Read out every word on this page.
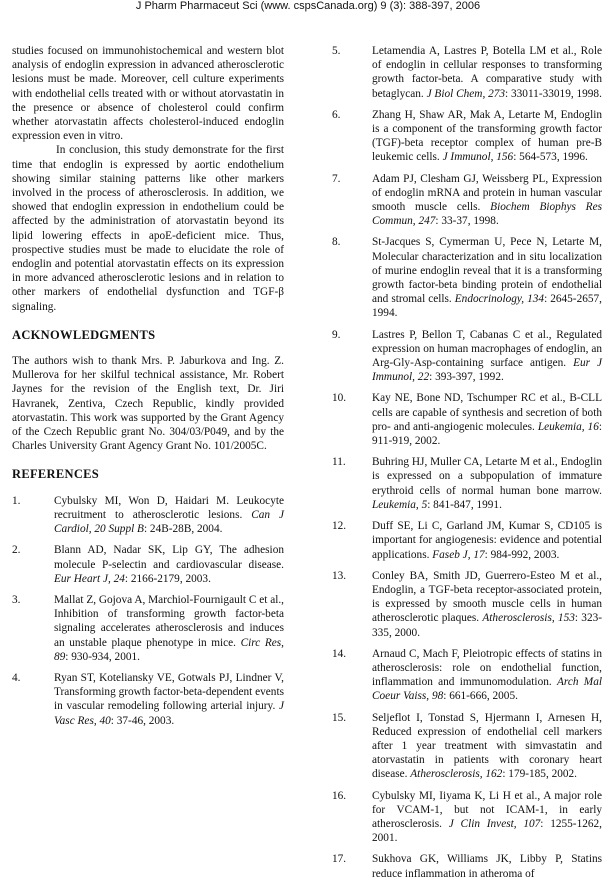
J Pharm Pharmaceut Sci (www. cspsCanada.org) 9 (3): 388-397, 2006

studies focused on immunohistochemical and western blot analysis of endoglin expression in advanced atherosclerotic lesions must be made. Moreover, cell culture experiments with endothelial cells treated with or without atorvastatin in the presence or absence of cholesterol could confirm whether atorvastatin affects cholesterol-induced endoglin expression even in vitro.

In conclusion, this study demonstrate for the first time that endoglin is expressed by aortic endothelium showing similar staining patterns like other markers involved in the process of atherosclerosis. In addition, we showed that endoglin expression in endothelium could be affected by the administration of atorvastatin beyond its lipid lowering effects in apoE-deficient mice. Thus, prospective studies must be made to elucidate the role of endoglin and potential atorvastatin effects on its expression in more advanced atherosclerotic lesions and in relation to other markers of endothelial dysfunction and TGF-β signaling.

ACKNOWLEDGMENTS

The authors wish to thank Mrs. P. Jaburkova and Ing. Z. Mullerova for her skilful technical assistance, Mr. Robert Jaynes for the revision of the English text, Dr. Jiri Havranek, Zentiva, Czech Republic, kindly provided atorvastatin. This work was supported by the Grant Agency of the Czech Republic grant No. 304/03/P049, and by the Charles University Grant Agency Grant No. 101/2005C.

REFERENCES
1.	Cybulsky MI, Won D, Haidari M. Leukocyte recruitment to atherosclerotic lesions. Can J Cardiol, 20 Suppl B: 24B-28B, 2004.
2.	Blann AD, Nadar SK, Lip GY, The adhesion molecule P-selectin and cardiovascular disease. Eur Heart J, 24: 2166-2179, 2003.
3.	Mallat Z, Gojova A, Marchiol-Fournigault C et al., Inhibition of transforming growth factor-beta signaling accelerates atherosclerosis and induces an unstable plaque phenotype in mice. Circ Res, 89: 930-934, 2001.
4.	Ryan ST, Koteliansky VE, Gotwals PJ, Lindner V, Transforming growth factor-beta-dependent events in vascular remodeling following arterial injury. J Vasc Res, 40: 37-46, 2003.
5.	Letamendia A, Lastres P, Botella LM et al., Role of endoglin in cellular responses to transforming growth factor-beta. A comparative study with betaglycan. J Biol Chem, 273: 33011-33019, 1998.
6.	Zhang H, Shaw AR, Mak A, Letarte M, Endoglin is a component of the transforming growth factor (TGF)-beta receptor complex of human pre-B leukemic cells. J Immunol, 156: 564-573, 1996.
7.	Adam PJ, Clesham GJ, Weissberg PL, Expression of endoglin mRNA and protein in human vascular smooth muscle cells. Biochem Biophys Res Commun, 247: 33-37, 1998.
8.	St-Jacques S, Cymerman U, Pece N, Letarte M, Molecular characterization and in situ localization of murine endoglin reveal that it is a transforming growth factor-beta binding protein of endothelial and stromal cells. Endocrinology, 134: 2645-2657, 1994.
9.	Lastres P, Bellon T, Cabanas C et al., Regulated expression on human macrophages of endoglin, an Arg-Gly-Asp-containing surface antigen. Eur J Immunol, 22: 393-397, 1992.
10. Kay NE, Bone ND, Tschumper RC et al., B-CLL cells are capable of synthesis and secretion of both pro- and anti-angiogenic molecules. Leukemia, 16: 911-919, 2002.
11. Buhring HJ, Muller CA, Letarte M et al., Endoglin is expressed on a subpopulation of immature erythroid cells of normal human bone marrow. Leukemia, 5: 841-847, 1991.
12. Duff SE, Li C, Garland JM, Kumar S, CD105 is important for angiogenesis: evidence and potential applications. Faseb J, 17: 984-992, 2003.
13. Conley BA, Smith JD, Guerrero-Esteo M et al., Endoglin, a TGF-beta receptor-associated protein, is expressed by smooth muscle cells in human atherosclerotic plaques. Atherosclerosis, 153: 323-335, 2000.
14. Arnaud C, Mach F, Pleiotropic effects of statins in atherosclerosis: role on endothelial function, inflammation and immunomodulation. Arch Mal Coeur Vaiss, 98: 661-666, 2005.
15. Seljeflot I, Tonstad S, Hjermann I, Arnesen H, Reduced expression of endothelial cell markers after 1 year treatment with simvastatin and atorvastatin in patients with coronary heart disease. Atherosclerosis, 162: 179-185, 2002.
16. Cybulsky MI, Iiyama K, Li H et al., A major role for VCAM-1, but not ICAM-1, in early atherosclerosis. J Clin Invest, 107: 1255-1262, 2001.
17. Sukhova GK, Williams JK, Libby P, Statins reduce inflammation in atheroma of
